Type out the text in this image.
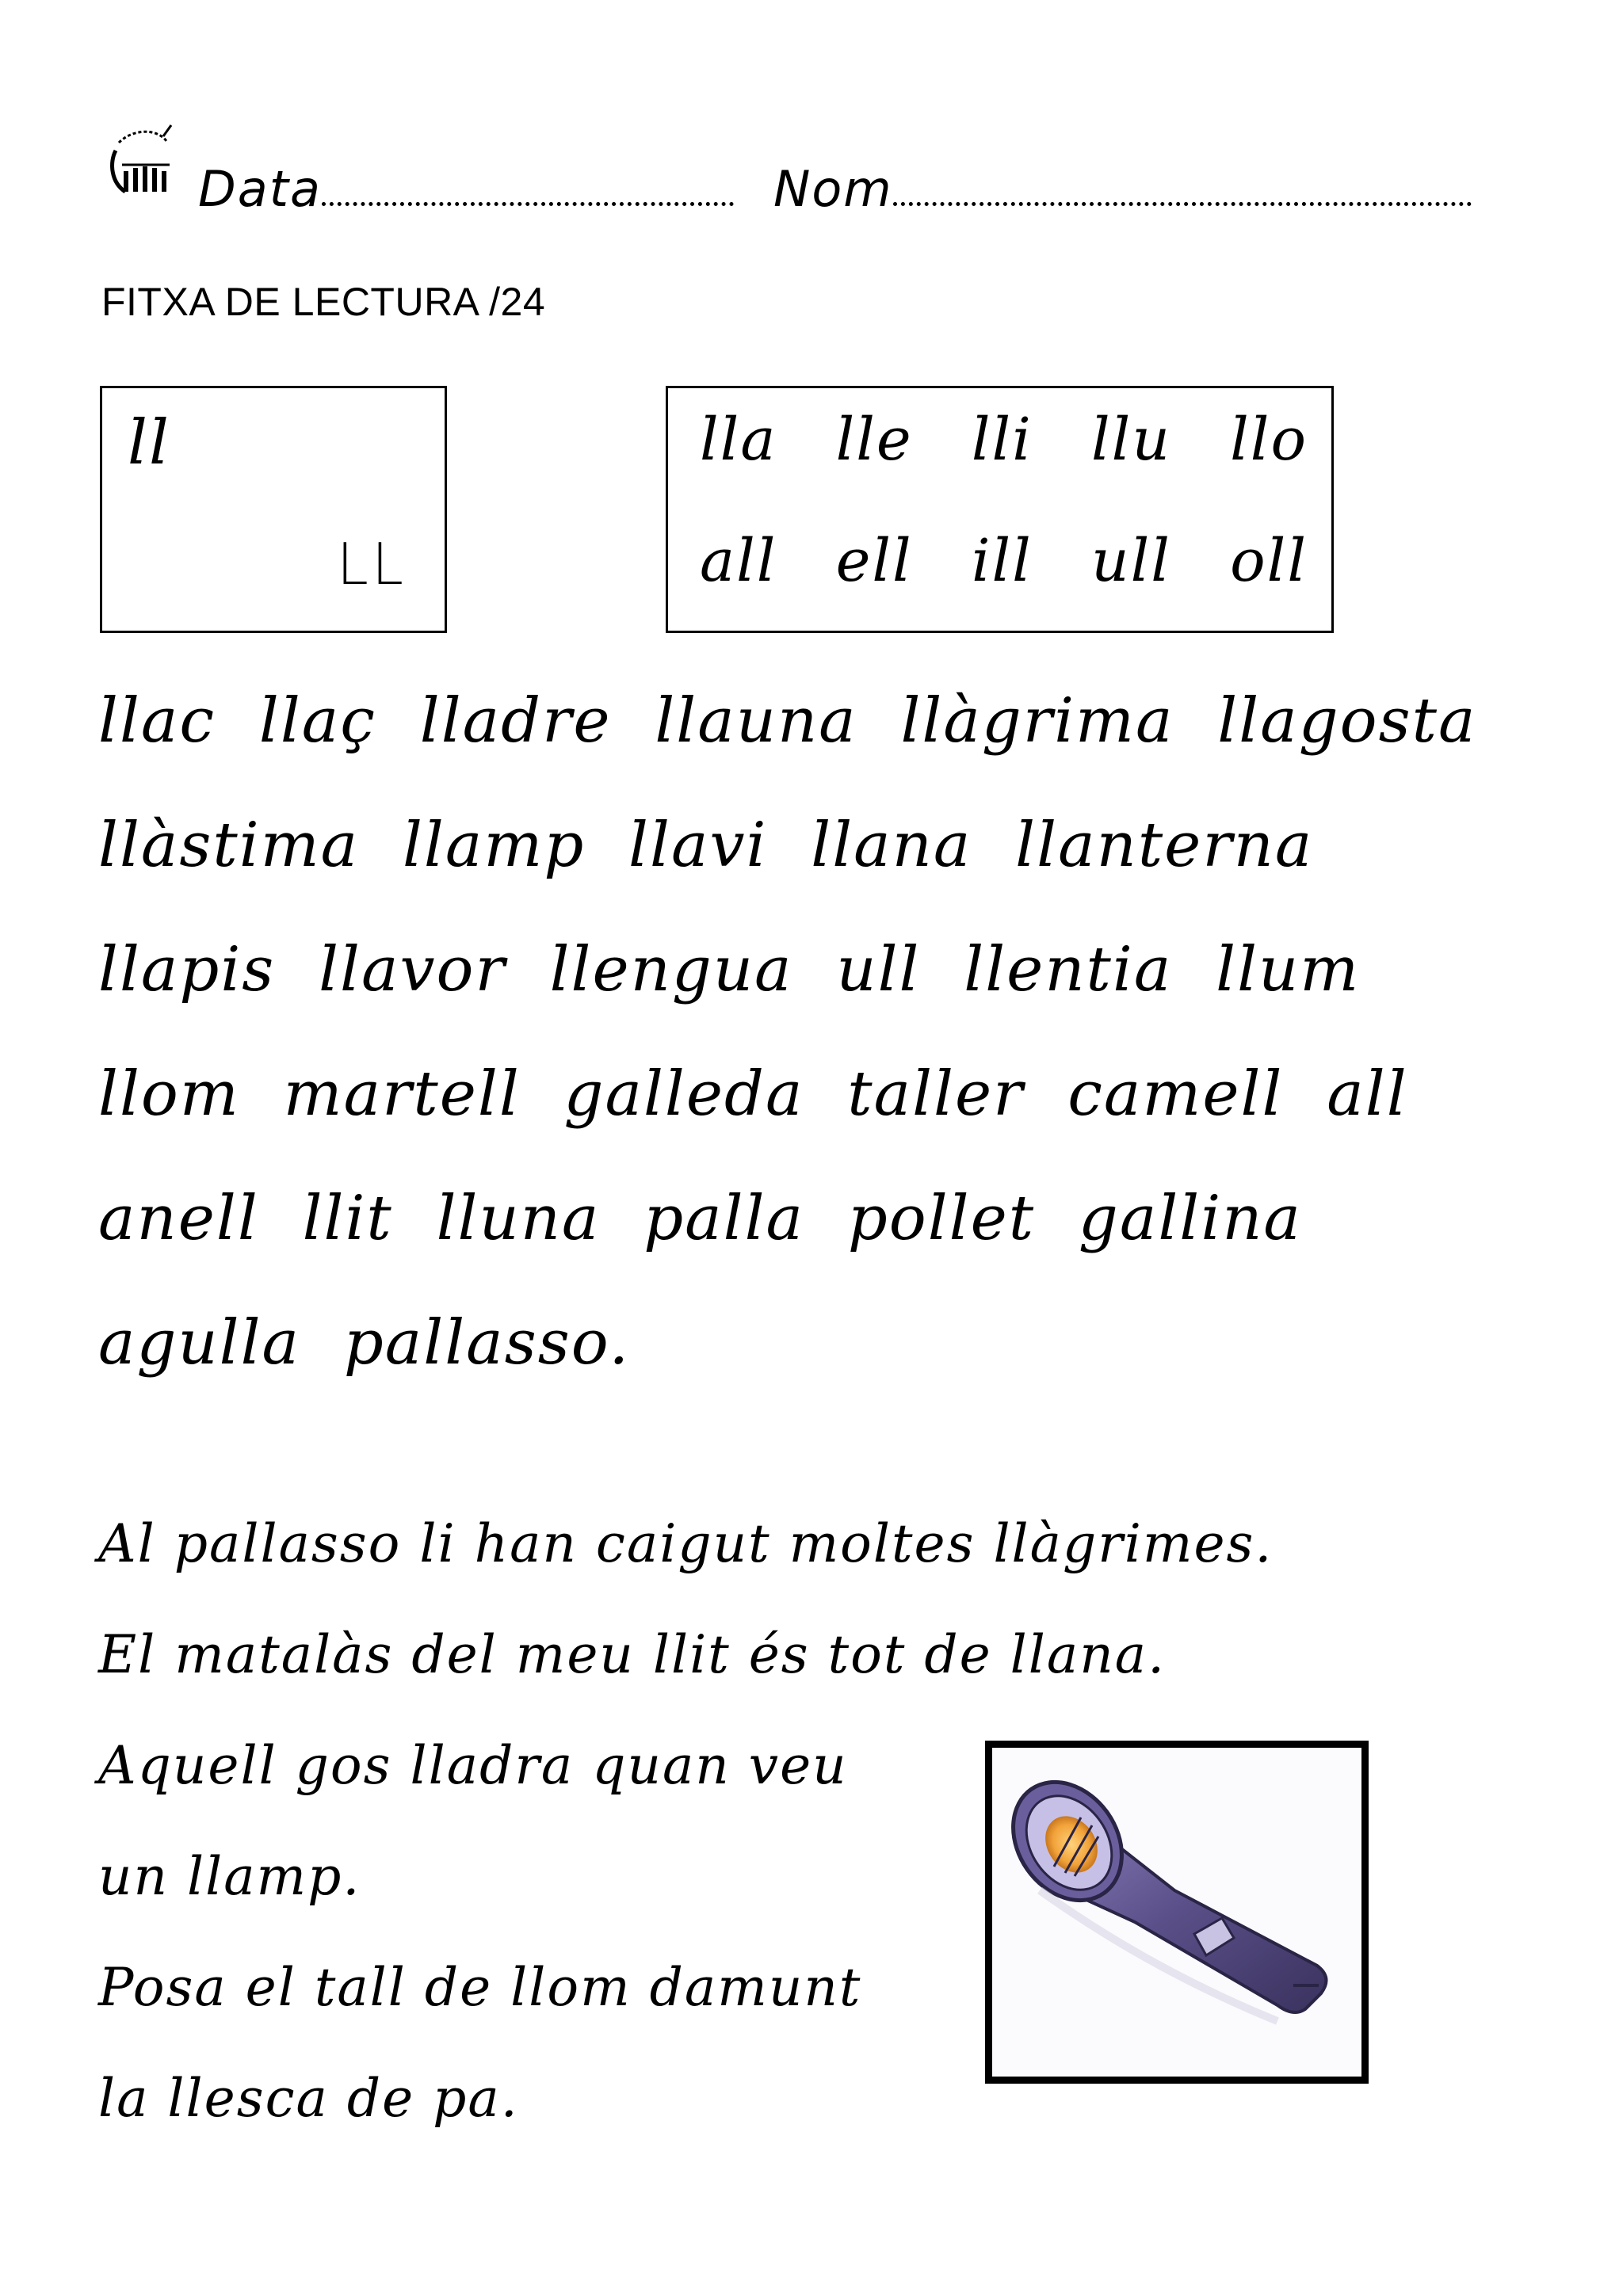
Data	Nom
FITXA DE LECTURA /24
ll
LL
lla lle lli llu llo
all ell ill ull oll
llac llaç lladre llauna llàgrima llagosta
llàstima llamp llavi llana llanterna
llapis llavor llengua ull llentia llum
llom martell galleda taller camell all
anell llit lluna palla pollet gallina
agulla pallasso.
Al pallasso li han caigut moltes llàgrimes.
El matalàs del meu llit és tot de llana.
Aquell gos lladra quan veu
un llamp.
Posa el tall de llom damunt
la llesca de pa.
